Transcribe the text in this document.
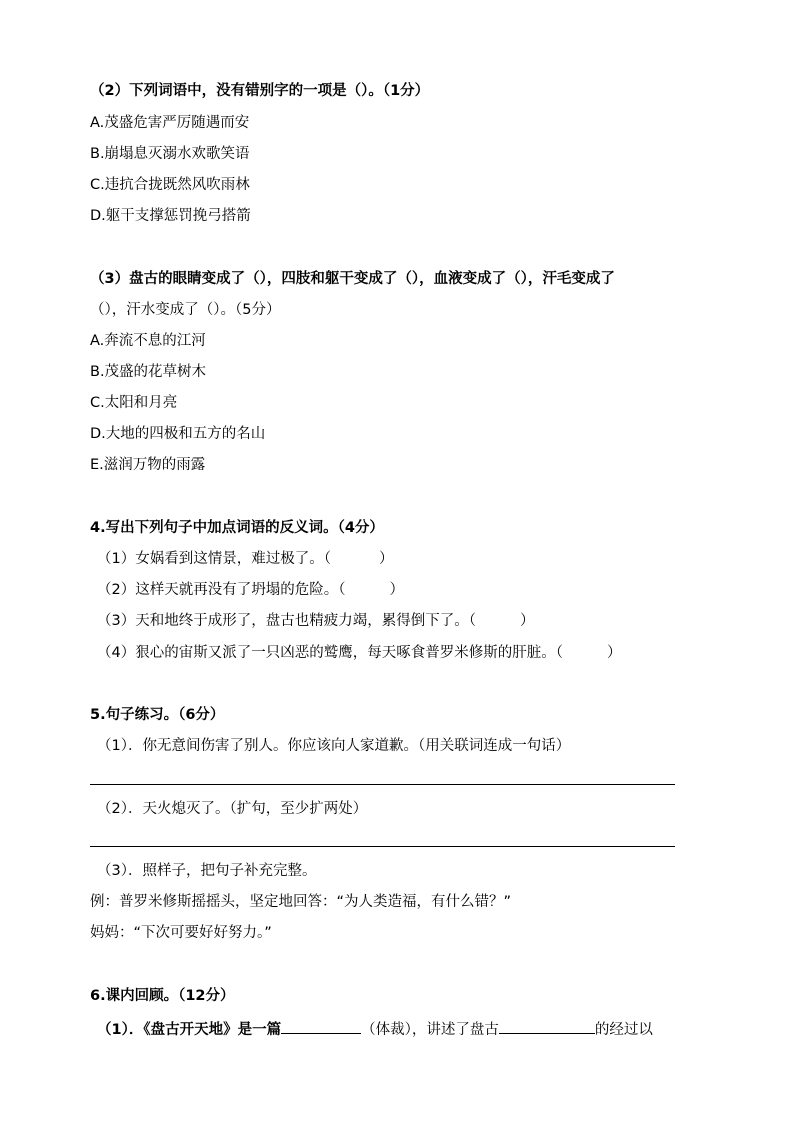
（2）下列词语中，没有错别字的一项是（）。（1分）
A.茂盛危害严厉随遇而安
B.崩塌息灭溺水欢歌笑语
C.违抗合拢既然风吹雨林
D.躯干支撑惩罚挽弓搭箭
（3）盘古的眼睛变成了（），四肢和躯干变成了（），血液变成了（），汗毛变成了
（），汗水变成了（）。（5分）
A.奔流不息的江河
B.茂盛的花草树木
C.太阳和月亮
D.大地的四极和五方的名山
E.滋润万物的雨露
4.写出下列句子中加点词语的反义词。（4分）
（1）女娲看到这情景，难过极了。（	）
（2）这样天就再没有了坍塌的危险。（	）
（3）天和地终于成形了，盘古也精疲力竭，累得倒下了。（	）
（4）狠心的宙斯又派了一只凶恶的鹫鹰，每天啄食普罗米修斯的肝脏。（	）
5.句子练习。（6分）
（1）．你无意间伤害了别人。你应该向人家道歉。（用关联词连成一句话）
（2）．天火熄灭了。（扩句，至少扩两处）
（3）．照样子，把句子补充完整。
例：普罗米修斯摇摇头，坚定地回答：“为人类造福，有什么错？”
妈妈：“下次可要好好努力。”
6.课内回顾。（12分）
（1）．《盘古开天地》是一篇	（体裁），讲述了盘古	的经过以
